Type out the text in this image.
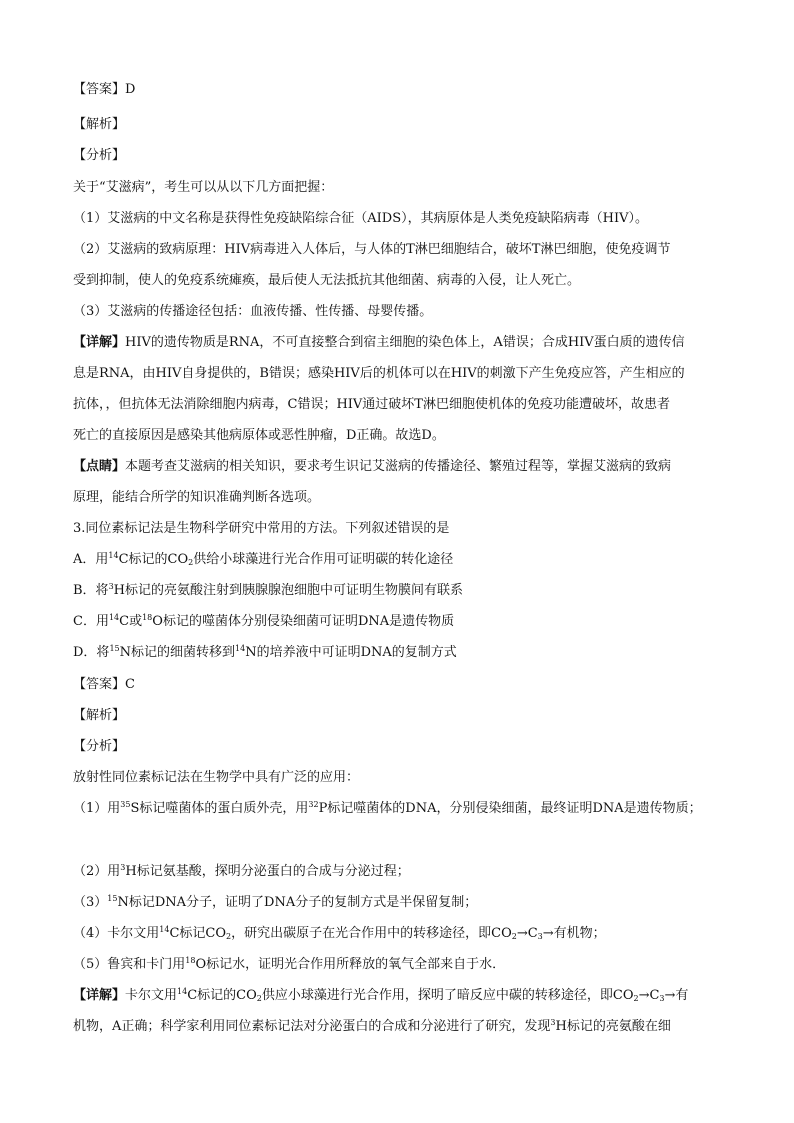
【答案】D
【解析】
【分析】
关于“艾滋病”，考生可以从以下几方面把握：
（1）艾滋病的中文名称是获得性免疫缺陷综合征（AIDS），其病原体是人类免疫缺陷病毒（HIV）。
（2）艾滋病的致病原理：HIV病毒进入人体后，与人体的T淋巴细胞结合，破坏T淋巴细胞，使免疫调节
受到抑制，使人的免疫系统瘫痪，最后使人无法抵抗其他细菌、病毒的入侵，让人死亡。
（3）艾滋病的传播途径包括：血液传播、性传播、母婴传播。
【详解】HIV的遗传物质是RNA，不可直接整合到宿主细胞的染色体上，A错误；合成HIV蛋白质的遗传信
息是RNA，由HIV自身提供的，B错误；感染HIV后的机体可以在HIV的刺激下产生免疫应答，产生相应的
抗体，，但抗体无法消除细胞内病毒，C错误；HIV通过破坏T淋巴细胞使机体的免疫功能遭破坏，故患者
死亡的直接原因是感染其他病原体或恶性肿瘤，D正确。故选D。
【点睛】本题考查艾滋病的相关知识，要求考生识记艾滋病的传播途径、繁殖过程等，掌握艾滋病的致病
原理，能结合所学的知识准确判断各选项。
3.同位素标记法是生物科学研究中常用的方法。下列叙述错误的是
A．用$^{14}$C标记的$CO_2$供给小球藻进行光合作用可证明碳的转化途径
B．将$^3$H标记的亮氨酸注射到胰腺腺泡细胞中可证明生物膜间有联系
C．用$^{14}$C或$^{18}$O标记的噬菌体分别侵染细菌可证明DNA是遗传物质
D．将$^{15}$N标记的细菌转移到$^{14}$N的培养液中可证明DNA的复制方式
【答案】C
【解析】
【分析】
放射性同位素标记法在生物学中具有广泛的应用：
（1）用$^{35}$S标记噬菌体的蛋白质外壳，用$^{32}$P标记噬菌体的DNA，分别侵染细菌，最终证明DNA是遗传物质；
（2）用$^3$H标记氨基酸，探明分泌蛋白的合成与分泌过程；
$(3)^{15}N$标记DNA分子，证明了DNA分子的复制方式是半保留复制；
（4）卡尔文用$^{14}$C标记$CO_2$，研究出碳原子在光合作用中的转移途径，即$CO_2\to C_3\to$有机物；
（5）鲁宾和卡门用$^{18}$O标记水，证明光合作用所释放的氧气全部来自于水．
【详解】卡尔文用$^{14}$C标记的$CO_2$供应小球藻进行光合作用，探明了暗反应中碳的转移途径，即$CO_2\to C_3\to$有
机物，A正确；科学家利用同位素标记法对分泌蛋白的合成和分泌进行了研究，发现$^3$H标记的亮氨酸在细
